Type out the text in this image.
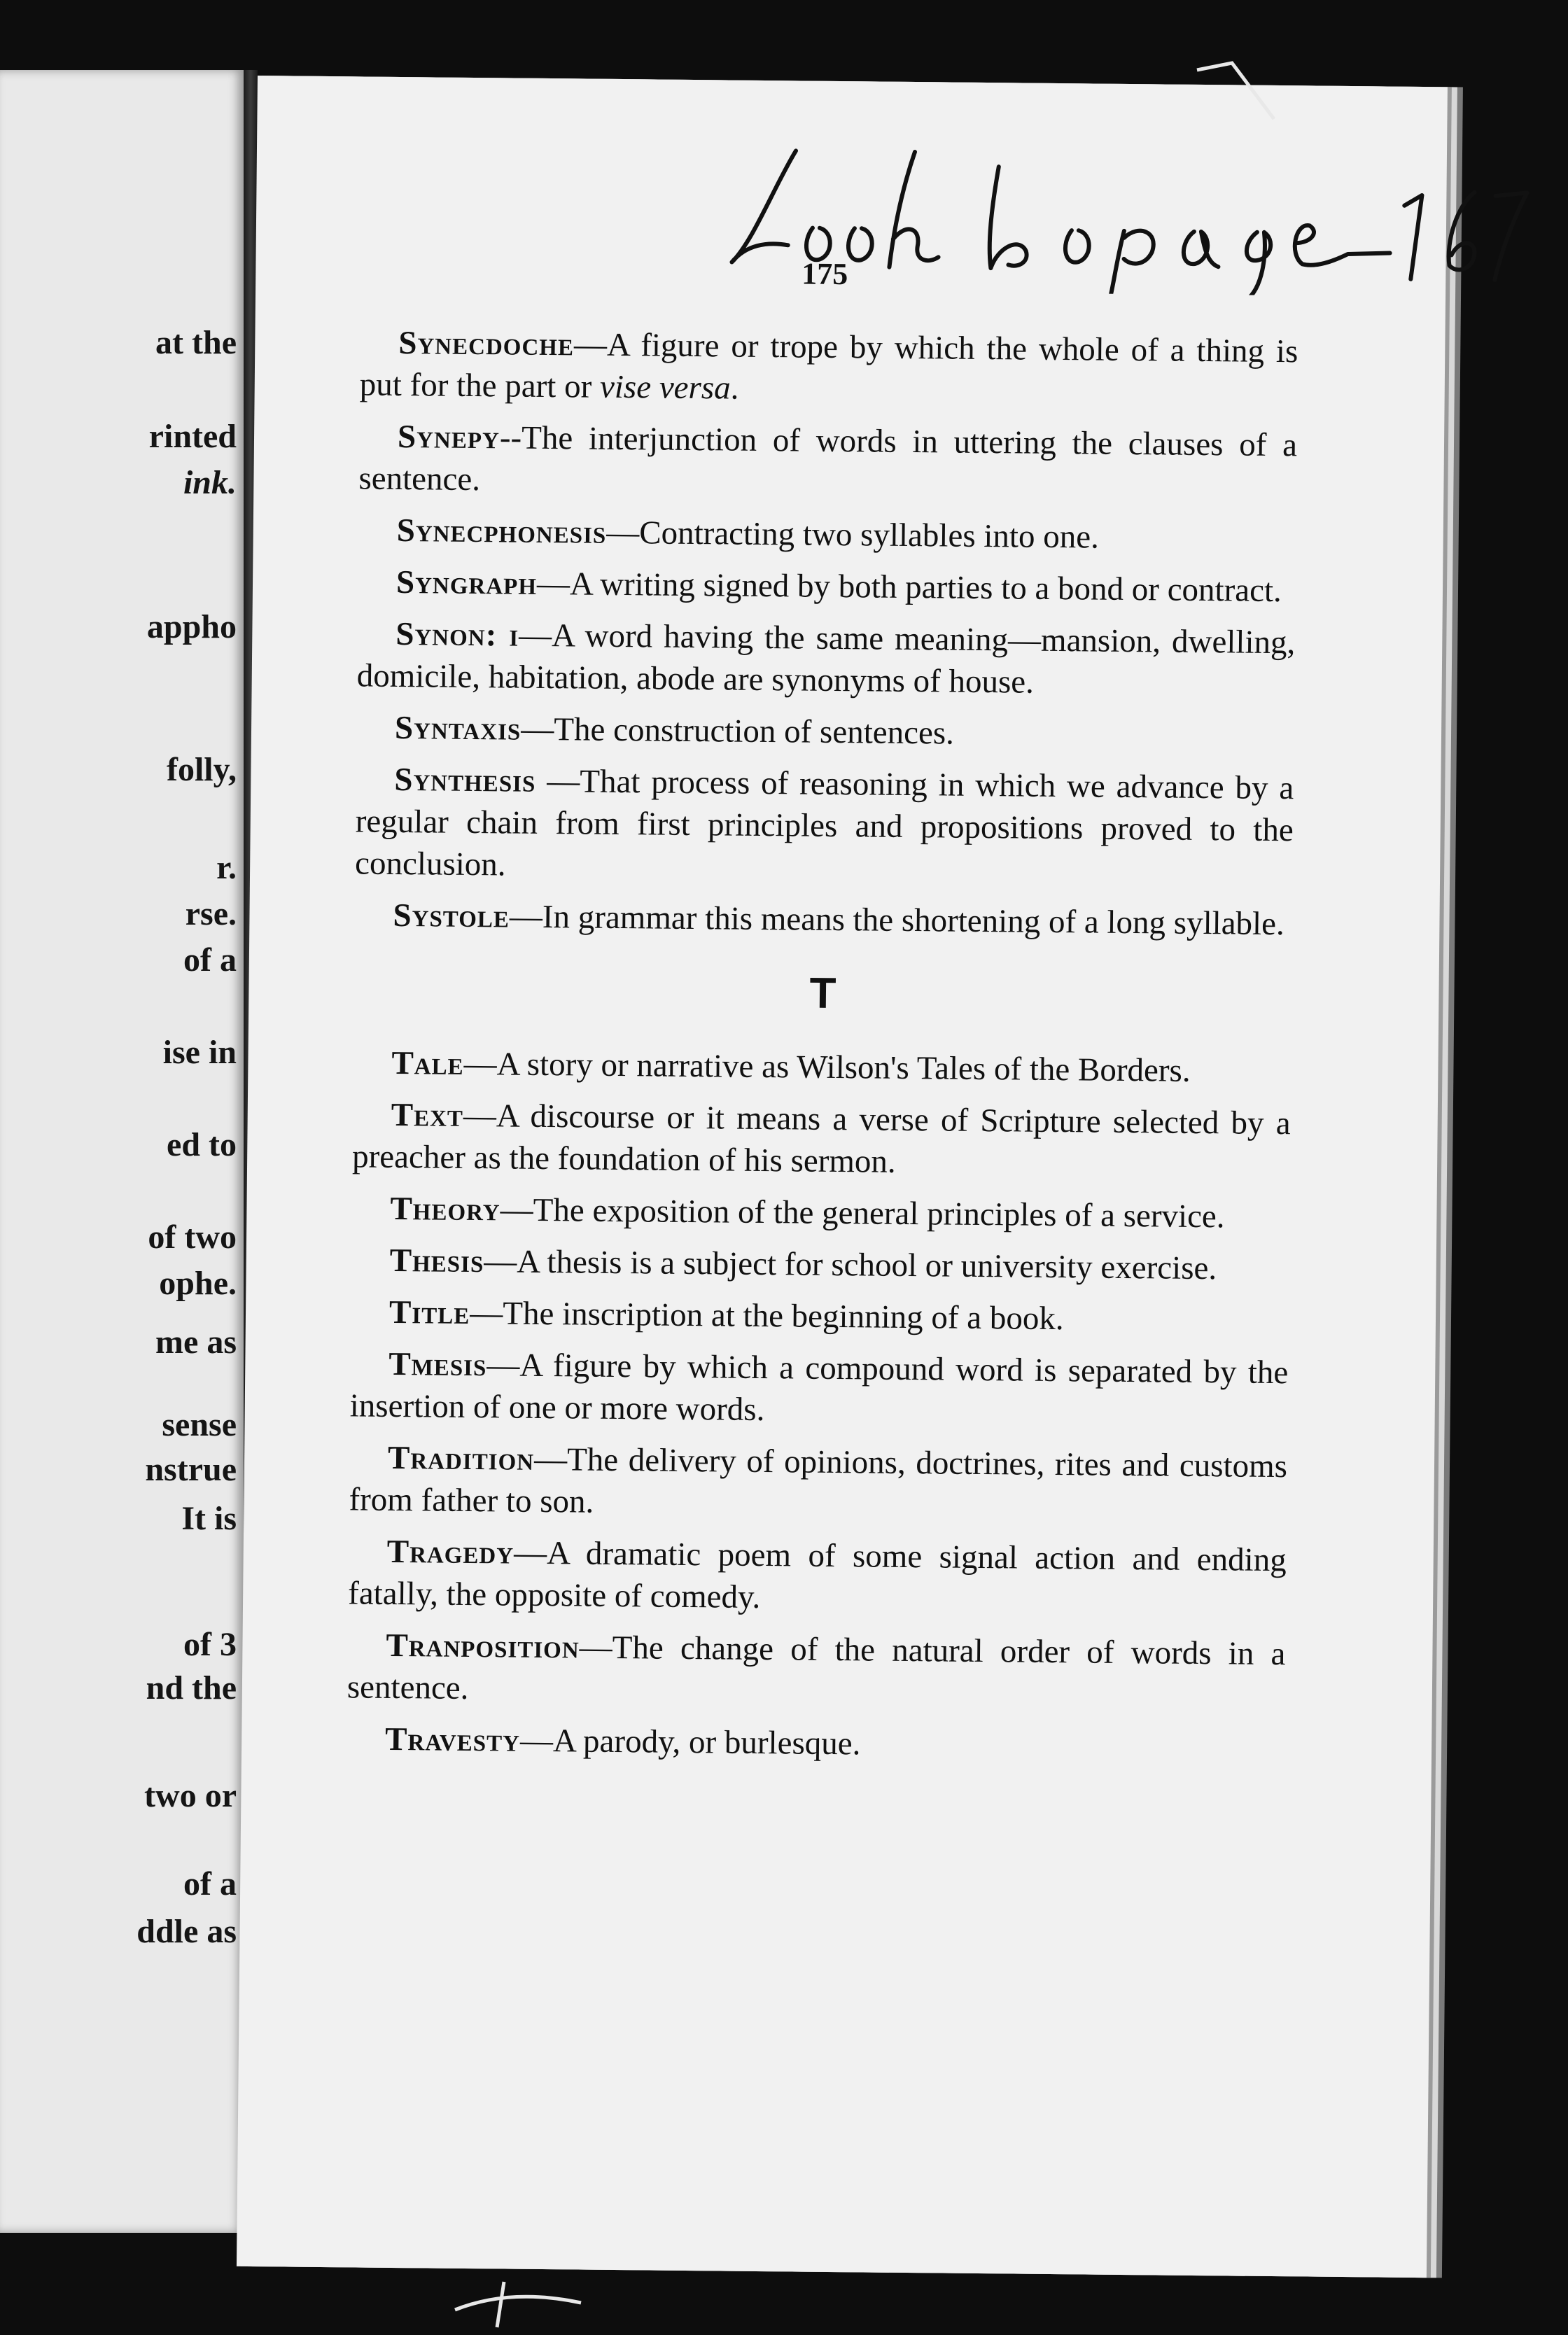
at the
rinted
ink.
appho
folly,
r.
rse.
of a
ise in
ed to
of two
ophe.
me as
sense
nstrue
It is
of 3
nd the
two or
of a
ddle as
175

Synecdoche—A figure or trope by which the whole of a thing is put for the part or vise versa.

Synepy--The interjunction of words in uttering the clauses of a sentence.

Synecphonesis—Contracting two syllables into one.

Syngraph—A writing signed by both parties to a bond or contract.

Synon: i—A word having the same meaning—mansion, dwelling, domicile, habitation, abode are synonyms of house.

Syntaxis—The construction of sentences.

Synthesis —That process of reasoning in which we advance by a regular chain from first principles and propositions proved to the conclusion.

Systole—In grammar this means the shortening of a long syllable.

T

Tale—A story or narrative as Wilson's Tales of the Borders.

Text—A discourse or it means a verse of Scripture selected by a preacher as the foundation of his sermon.

Theory—The exposition of the general principles of a service.

Thesis—A thesis is a subject for school or university exercise.

Title—The inscription at the beginning of a book.

Tmesis—A figure by which a compound word is separated by the insertion of one or more words.

Tradition—The delivery of opinions, doctrines, rites and customs from father to son.

Tragedy—A dramatic poem of some signal action and ending fatally, the opposite of comedy.

Tranposition—The change of the natural order of words in a sentence.

Travesty—A parody, or burlesque.
